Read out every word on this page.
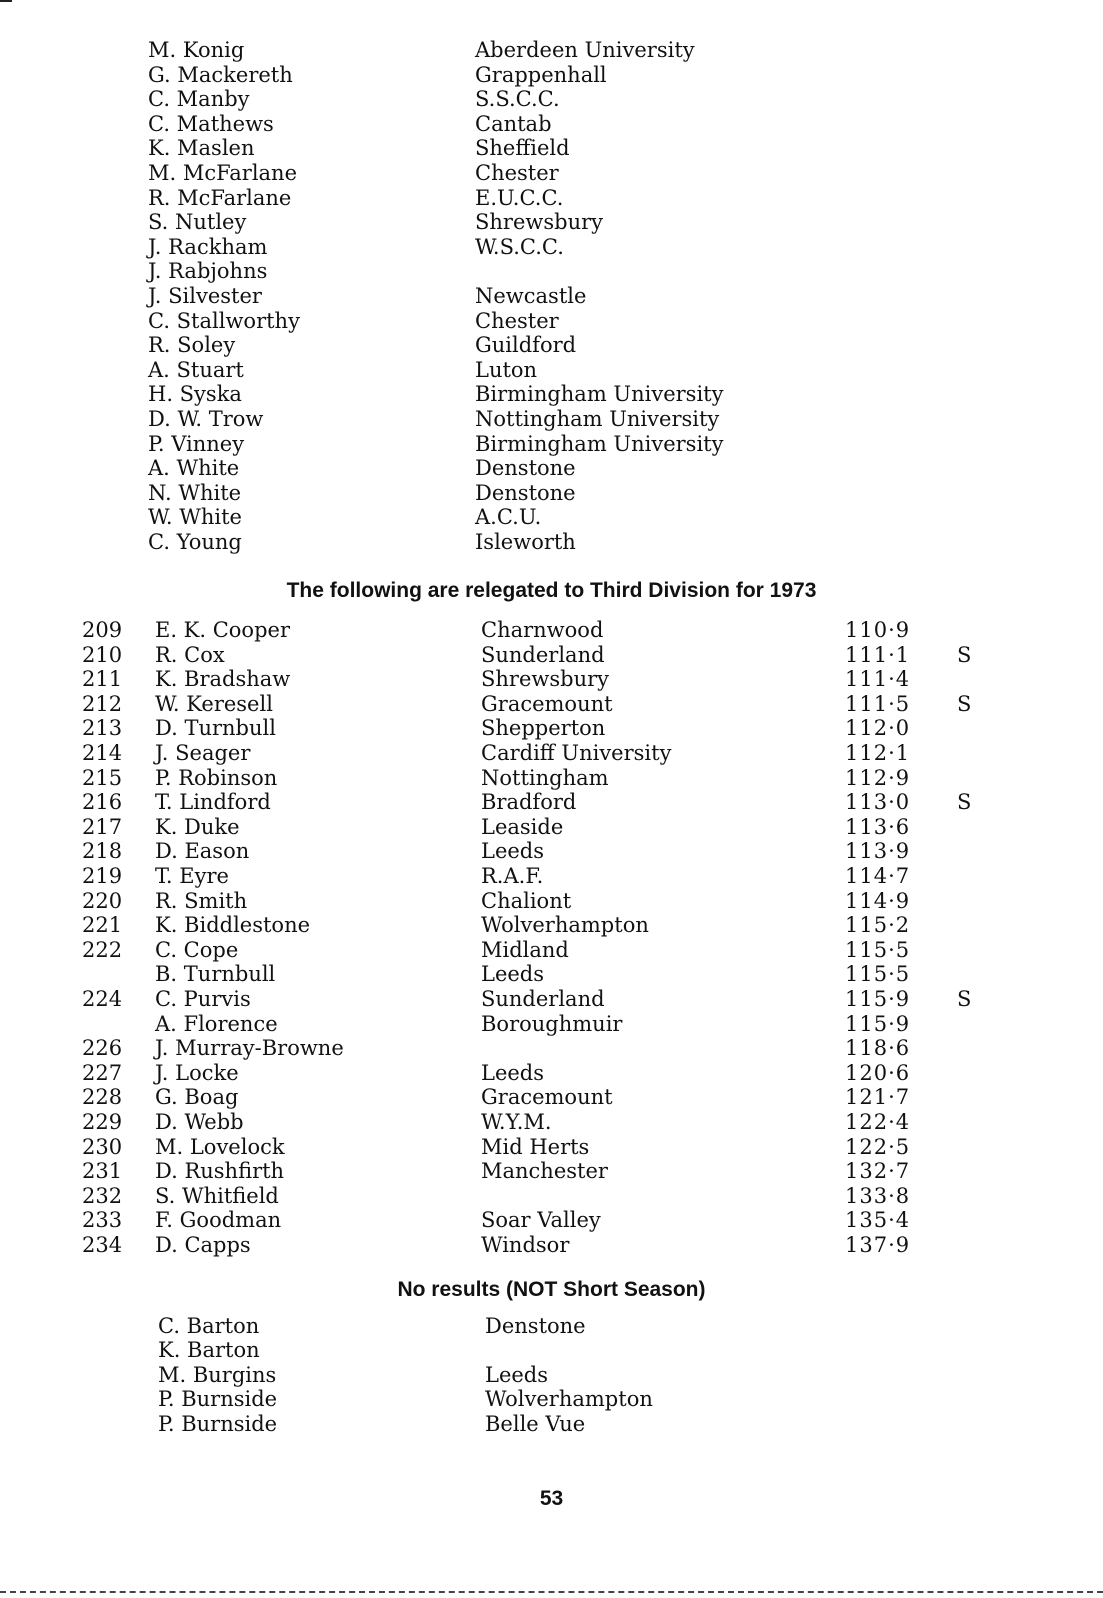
M. Konig	Aberdeen University
G. Mackereth	Grappenhall
C. Manby	S.S.C.C.
C. Mathews	Cantab
K. Maslen	Sheffield
M. McFarlane	Chester
R. McFarlane	E.U.C.C.
S. Nutley	Shrewsbury
J. Rackham	W.S.C.C.
J. Rabjohns
J. Silvester	Newcastle
C. Stallworthy	Chester
R. Soley	Guildford
A. Stuart	Luton
H. Syska	Birmingham University
D. W. Trow	Nottingham University
P. Vinney	Birmingham University
A. White	Denstone
N. White	Denstone
W. White	A.C.U.
C. Young	Isleworth
The following are relegated to Third Division for 1973
209 E. K. Cooper	Charnwood	110·9
210 R. Cox	Sunderland	111·1 S
211 K. Bradshaw	Shrewsbury	111·4
212 W. Keresell	Gracemount	111·5 S
213 D. Turnbull	Shepperton	112·0
214 J. Seager	Cardiff University	112·1
215 P. Robinson	Nottingham	112·9
216 T. Lindford	Bradford	113·0 S
217 K. Duke	Leaside	113·6
218 D. Eason	Leeds	113·9
219 T. Eyre	R.A.F.	114·7
220 R. Smith	Chaliont	114·9
221 K. Biddlestone	Wolverhampton	115·2
222 C. Cope	Midland	115·5
B. Turnbull	Leeds	115·5
224 C. Purvis	Sunderland	115·9 S
A. Florence	Boroughmuir	115·9
226 J. Murray-Browne	118·6
227 J. Locke	Leeds	120·6
228 G. Boag	Gracemount	121·7
229 D. Webb	W.Y.M.	122·4
230 M. Lovelock	Mid Herts	122·5
231 D. Rushfirth	Manchester	132·7
232 S. Whitfield	133·8
233 F. Goodman	Soar Valley	135·4
234 D. Capps	Windsor	137·9
No results (NOT Short Season)
C. Barton	Denstone
K. Barton
M. Burgins	Leeds
P. Burnside	Wolverhampton
P. Burnside	Belle Vue
53
